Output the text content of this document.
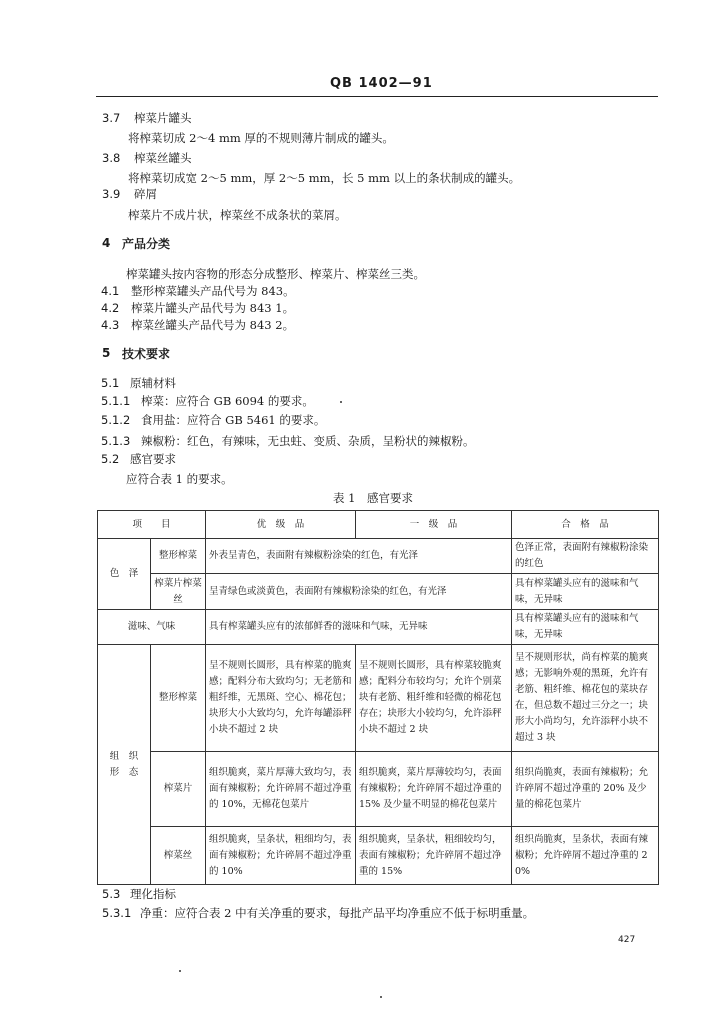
QB 1402—91
3.7 榨菜片罐头
将榨菜切成 2～4 mm 厚的不规则薄片制成的罐头。
3.8 榨菜丝罐头
将榨菜切成宽 2～5 mm，厚 2～5 mm，长 5 mm 以上的条状制成的罐头。
3.9 碎屑
榨菜片不成片状，榨菜丝不成条状的菜屑。
4 产品分类
榨菜罐头按内容物的形态分成整形、榨菜片、榨菜丝三类。
4.1 整形榨菜罐头产品代号为 843。
4.2 榨菜片罐头产品代号为 843 1。
4.3 榨菜丝罐头产品代号为 843 2。
5 技术要求
5.1 原辅材料
5.1.1 榨菜：应符合 GB 6094 的要求。
5.1.2 食用盐：应符合 GB 5461 的要求。
5.1.3 辣椒粉：红色，有辣味，无虫蛀、变质、杂质，呈粉状的辣椒粉。
5.2 感官要求
应符合表 1 的要求。
表 1　感官要求
项　　目		优　级　品	一　级　品	合　格　品
色　泽	整形榨菜	外表呈青色，表面附有辣椒粉涂染的红色，有光泽		色泽正常，表面附有辣椒粉涂染的红色
	榨菜片榨菜丝	呈青绿色或淡黄色，表面附有辣椒粉涂染的红色，有光泽		具有榨菜罐头应有的滋味和气味，无异味
滋味、气味		具有榨菜罐头应有的浓郁鲜香的滋味和气味，无异味		具有榨菜罐头应有的滋味和气味，无异味
组　织
形　态	整形榨菜	呈不规则长圆形，具有榨菜的脆爽感；配料分布大致均匀；无老筋和粗纤维，无黑斑、空心、棉花包；块形大小大致均匀，允许每罐添秤小块不超过 2 块	呈不规则长圆形，具有榨菜较脆爽感；配料分布较均匀；允许个别菜块有老筋、粗纤维和轻微的棉花包存在；块形大小较均匀，允许添秤小块不超过 2 块	呈不规则形状，尚有榨菜的脆爽感；无影响外观的黑斑，允许有老筋、粗纤维、棉花包的菜块存在，但总数不超过三分之一；块形大小尚均匀，允许添秤小块不超过 3 块
	榨菜片	组织脆爽，菜片厚薄大致均匀，表面有辣椒粉；允许碎屑不超过净重的 10%，无棉花包菜片	组织脆爽，菜片厚薄较均匀，表面有辣椒粉；允许碎屑不超过净重的 15% 及少量不明显的棉花包菜片	组织尚脆爽，表面有辣椒粉；允许碎屑不超过净重的 20% 及少量的棉花包菜片
	榨菜丝	组织脆爽，呈条状，粗细均匀，表面有辣椒粉；允许碎屑不超过净重的 10%	组织脆爽，呈条状，粗细较均匀，表面有辣椒粉；允许碎屑不超过净重的 15%	组织尚脆爽，呈条状，表面有辣椒粉；允许碎屑不超过净重的 20%
5.3 理化指标
5.3.1 净重：应符合表 2 中有关净重的要求，每批产品平均净重应不低于标明重量。
427
